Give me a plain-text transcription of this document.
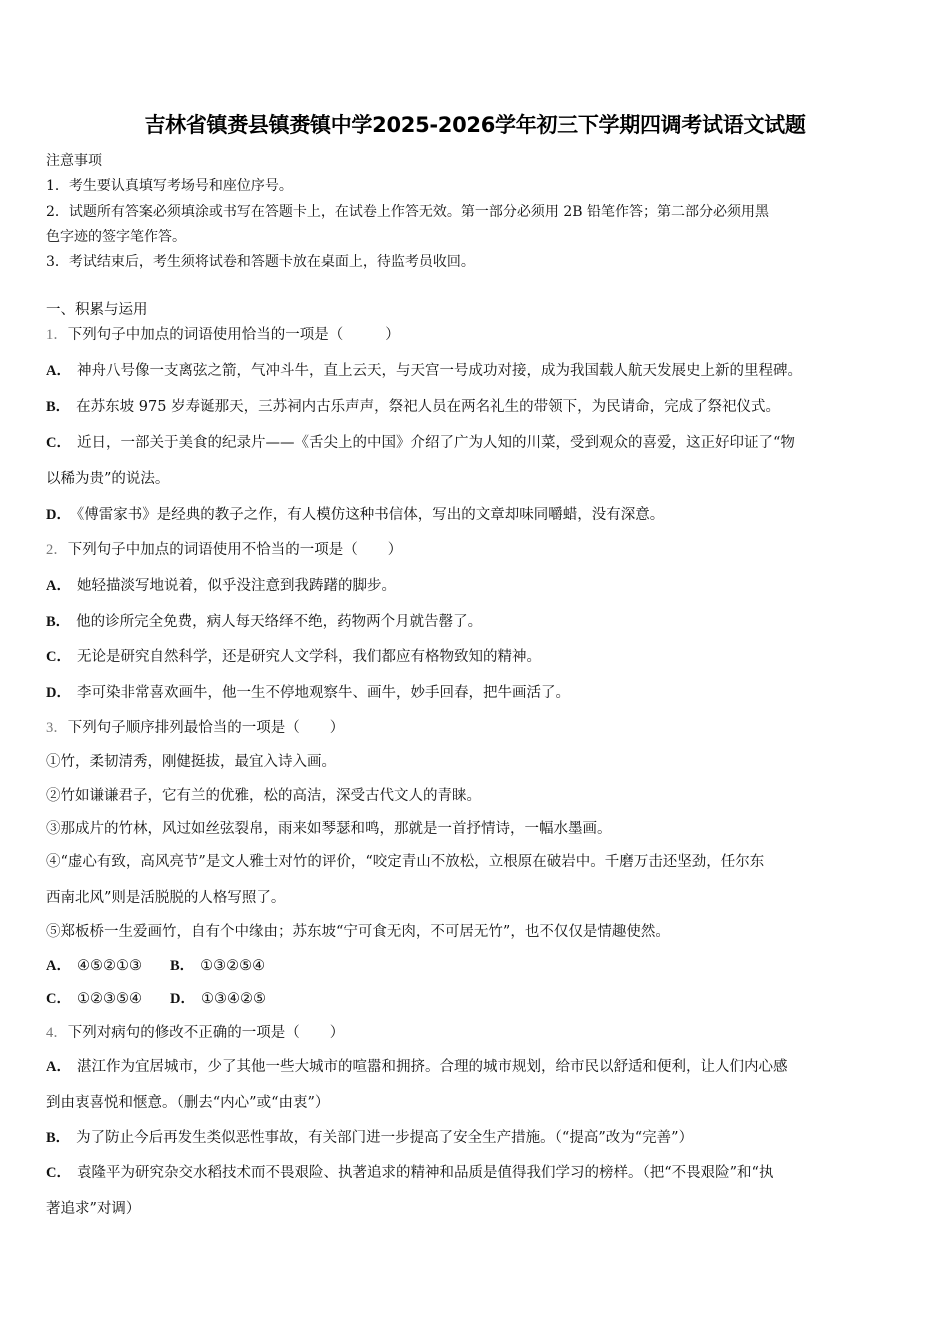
吉林省镇赉县镇赉镇中学2025-2026学年初三下学期四调考试语文试题
注意事项
1．考生要认真填写考场号和座位序号。
2．试题所有答案必须填涂或书写在答题卡上，在试卷上作答无效。第一部分必须用 2B 铅笔作答；第二部分必须用黑
色字迹的签字笔作答。
3．考试结束后，考生须将试卷和答题卡放在桌面上，待监考员收回。
一、积累与运用
1．下列句子中加点的词语使用恰当的一项是（	）
A． 神舟八号像一支离弦之箭，气冲斗牛，直上云天，与天宫一号成功对接，成为我国载人航天发展史上新的里程碑。
B． 在苏东坡 975 岁寿诞那天，三苏祠内古乐声声，祭祀人员在两名礼生的带领下，为民请命，完成了祭祀仪式。
C． 近日，一部关于美食的纪录片——《舌尖上的中国》介绍了广为人知的川菜，受到观众的喜爱，这正好印证了“物
以稀为贵”的说法。
D． 《傅雷家书》是经典的教子之作，有人模仿这种书信体，写出的文章却味同嚼蜡，没有深意。
2．下列句子中加点的词语使用不恰当的一项是（ ）
A． 她轻描淡写地说着，似乎没注意到我踌躇的脚步。
B． 他的诊所完全免费，病人每天络绎不绝，药物两个月就告罄了。
C． 无论是研究自然科学，还是研究人文学科，我们都应有格物致知的精神。
D． 李可染非常喜欢画牛，他一生不停地观察牛、画牛，妙手回春，把牛画活了。
3．下列句子顺序排列最恰当的一项是（ ）
①竹，柔韧清秀，刚健挺拔，最宜入诗入画。
②竹如谦谦君子，它有兰的优雅，松的高洁，深受古代文人的青睐。
③那成片的竹林，风过如丝弦裂帛，雨来如琴瑟和鸣，那就是一首抒情诗，一幅水墨画。
④“虚心有致，高风亮节”是文人雅士对竹的评价，“咬定青山不放松，立根原在破岩中。千磨万击还坚劲，任尔东
西南北风”则是活脱脱的人格写照了。
⑤郑板桥一生爱画竹，自有个中缘由；苏东坡“宁可食无肉，不可居无竹”，也不仅仅是情趣使然。
A． ④⑤②①③ B． ①③②⑤④
C． ①②③⑤④ D． ①③④②⑤
4．下列对病句的修改不正确的一项是（ ）
A． 湛江作为宜居城市，少了其他一些大城市的喧嚣和拥挤。合理的城市规划，给市民以舒适和便利，让人们内心感
到由衷喜悦和惬意。（删去“内心”或“由衷”）
B． 为了防止今后再发生类似恶性事故，有关部门进一步提高了安全生产措施。（“提高”改为“完善”）
C． 袁隆平为研究杂交水稻技术而不畏艰险、执著追求的精神和品质是值得我们学习的榜样。（把“不畏艰险”和“执
著追求”对调）
